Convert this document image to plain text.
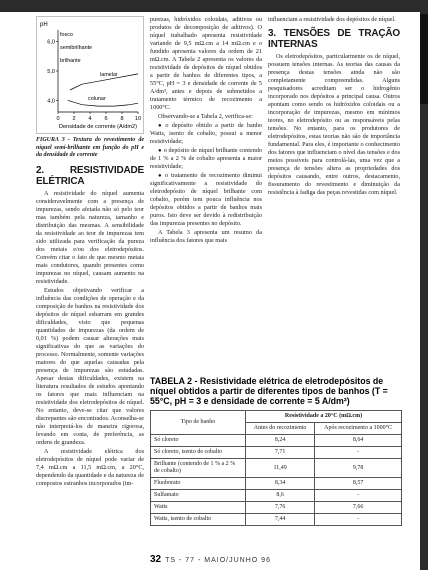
pH
0 2 4 6 8 10
4,0
5,0
6,0
fosco
semibrilhante
brilhante
lamelar
colunar
Densidade de corrente (A/dm2)
FIGURA 3 - Textura do revestimento de níquel semi-brilhante em função do pH e da densidade de corrente
2. RESISTIVIDADE ELÉTRICA

A resistividade do níquel aumenta consideravelmente com a presença de impurezas, sendo afetada não só pelo teor mas também pela natureza, tamanho e distribuição das mesmas. A sensibilidade da resistividade ao teor de impurezas tem sido utilizada para verificação da pureza dos metais e/ou dos eletrodepósitos. Convém citar o fato de que mesmo metais mais condutores, quando presentes como impurezas no níquel, causam aumento na resistividade.

Estudos objetivando verificar a influência das condições de operação e da composição de banhos na resistividade dos depósitos de níquel esbarram em grandes dificuldades, visto que pequenas quantidades de impurezas (da ordem de 0,01 %) podem causar alterações mais significativas do que as variações do processo. Normalmente, somente variações maiores do que aquelas causadas pela presença de impurezas são estudadas. Apesar destas dificuldades, existem na literatura resultados de estudos apontando os fatores que mais influenciam na resistividade dos eletrodepósitos de níquel. No entanto, deve-se citar que valores discrepantes são encontrados. Aconselha-se não interpretá-los de maneira rigorosa, levando em conta, de preferência, as ordens de grandeza.

A resistividade elétrica dos eletrodepósitos de níquel pode variar de 7,4 mΩ.cm a 11,5 mΩ.cm, a 20°C, dependendo da quantidade e da natureza de compostos estranhos incorporados (im-

purezas, hidróxidos coloidais, aditivos ou produtos de decomposição de aditivos). O níquel trabalhado apresenta resistividade variando de 9,5 mΩ.cm a 14 mΩ.cm e o fundido apresenta valores da ordem de 21 mΩ.cm. A Tabela 2 apresenta os valores da resistividade de depósitos de níquel obtidos a partir de banhos de diferentes tipos, a 55°C, pH = 3 e densidade de corrente de 5 A/dm², antes e depois de submetidos a tratamento térmico de recozimento a 1000°C.

Observando-se a Tabela 2, verifica-se:

● o depósito obtido a partir de banho Watts, isento de cobalto, possui a menor resistividade;

● o depósito de níquel brilhante contendo de 1 % a 2 % de cobalto apresenta a maior resistividade;

● o tratamento de recozimento diminui significativamente a resistividade do eletrodepósito de níquel brilhante com cobalto, porém tem pouca influência nos depósitos obtidos a partir de banhos mais puros. Isto deve ser devido à redistribuição das impurezas presentes no depósito.

A Tabela 3 apresenta um resumo da influência dos fatores que mais

influenciam a resistividade dos depósitos de níquel.

3. TENSÕES DE TRAÇÃO INTERNAS

Os eletrodepósitos, particularmente os de níquel, possuem tensões internas. As teorias das causas da presença destas tensões ainda não são completamente compreendidas. Alguns pesquisadores acreditam ser o hidrogênio incorporado nos depósitos a principal causa. Outros apontam como sendo os hidróxidos coloidais ou a incorporação de impurezas, mesmo em mínimos teores, no eletrodepósito ou as responsáveis pelas tensões. No entanto, para os produtores de eletrodepósitos, estas teorias não são de importância fundamental. Para eles, é importante o conhecimento dos fatores que influenciam o nível das tensões e dos meios possíveis para controlá-las, uma vez que a presença de tensões altera as propriedades dos depósitos causando, entre outros, destacamento, fissuramento do revestimento e diminuição da resistência à fadiga das peças revestidas com níquel.

TABELA 2 - Resistividade elétrica de eletrodepósitos de níquel obtidos a partir de diferentes tipos de banhos (T = 55°C, pH = 3 e densidade de corrente = 5 A/dm²)
Tipo de banho	Resistividade a 20°C (mΩ.cm)	
	Antes do recozimento	Após recozimento a 1000°C
Só cloreto	8,24	8,64
Só cloreto, isento de cobalto	7,71	-
Brilhante (contendo de 1 % a 2 % de cobalto)	11,49	9,78
Fluoborato	8,34	8,57
Sulfamato	8,6	-
Watts	7,76	7,66
Watts, isento de cobalto	7,44	-
32 TS - 77 - MAIO/JUNHO 96
